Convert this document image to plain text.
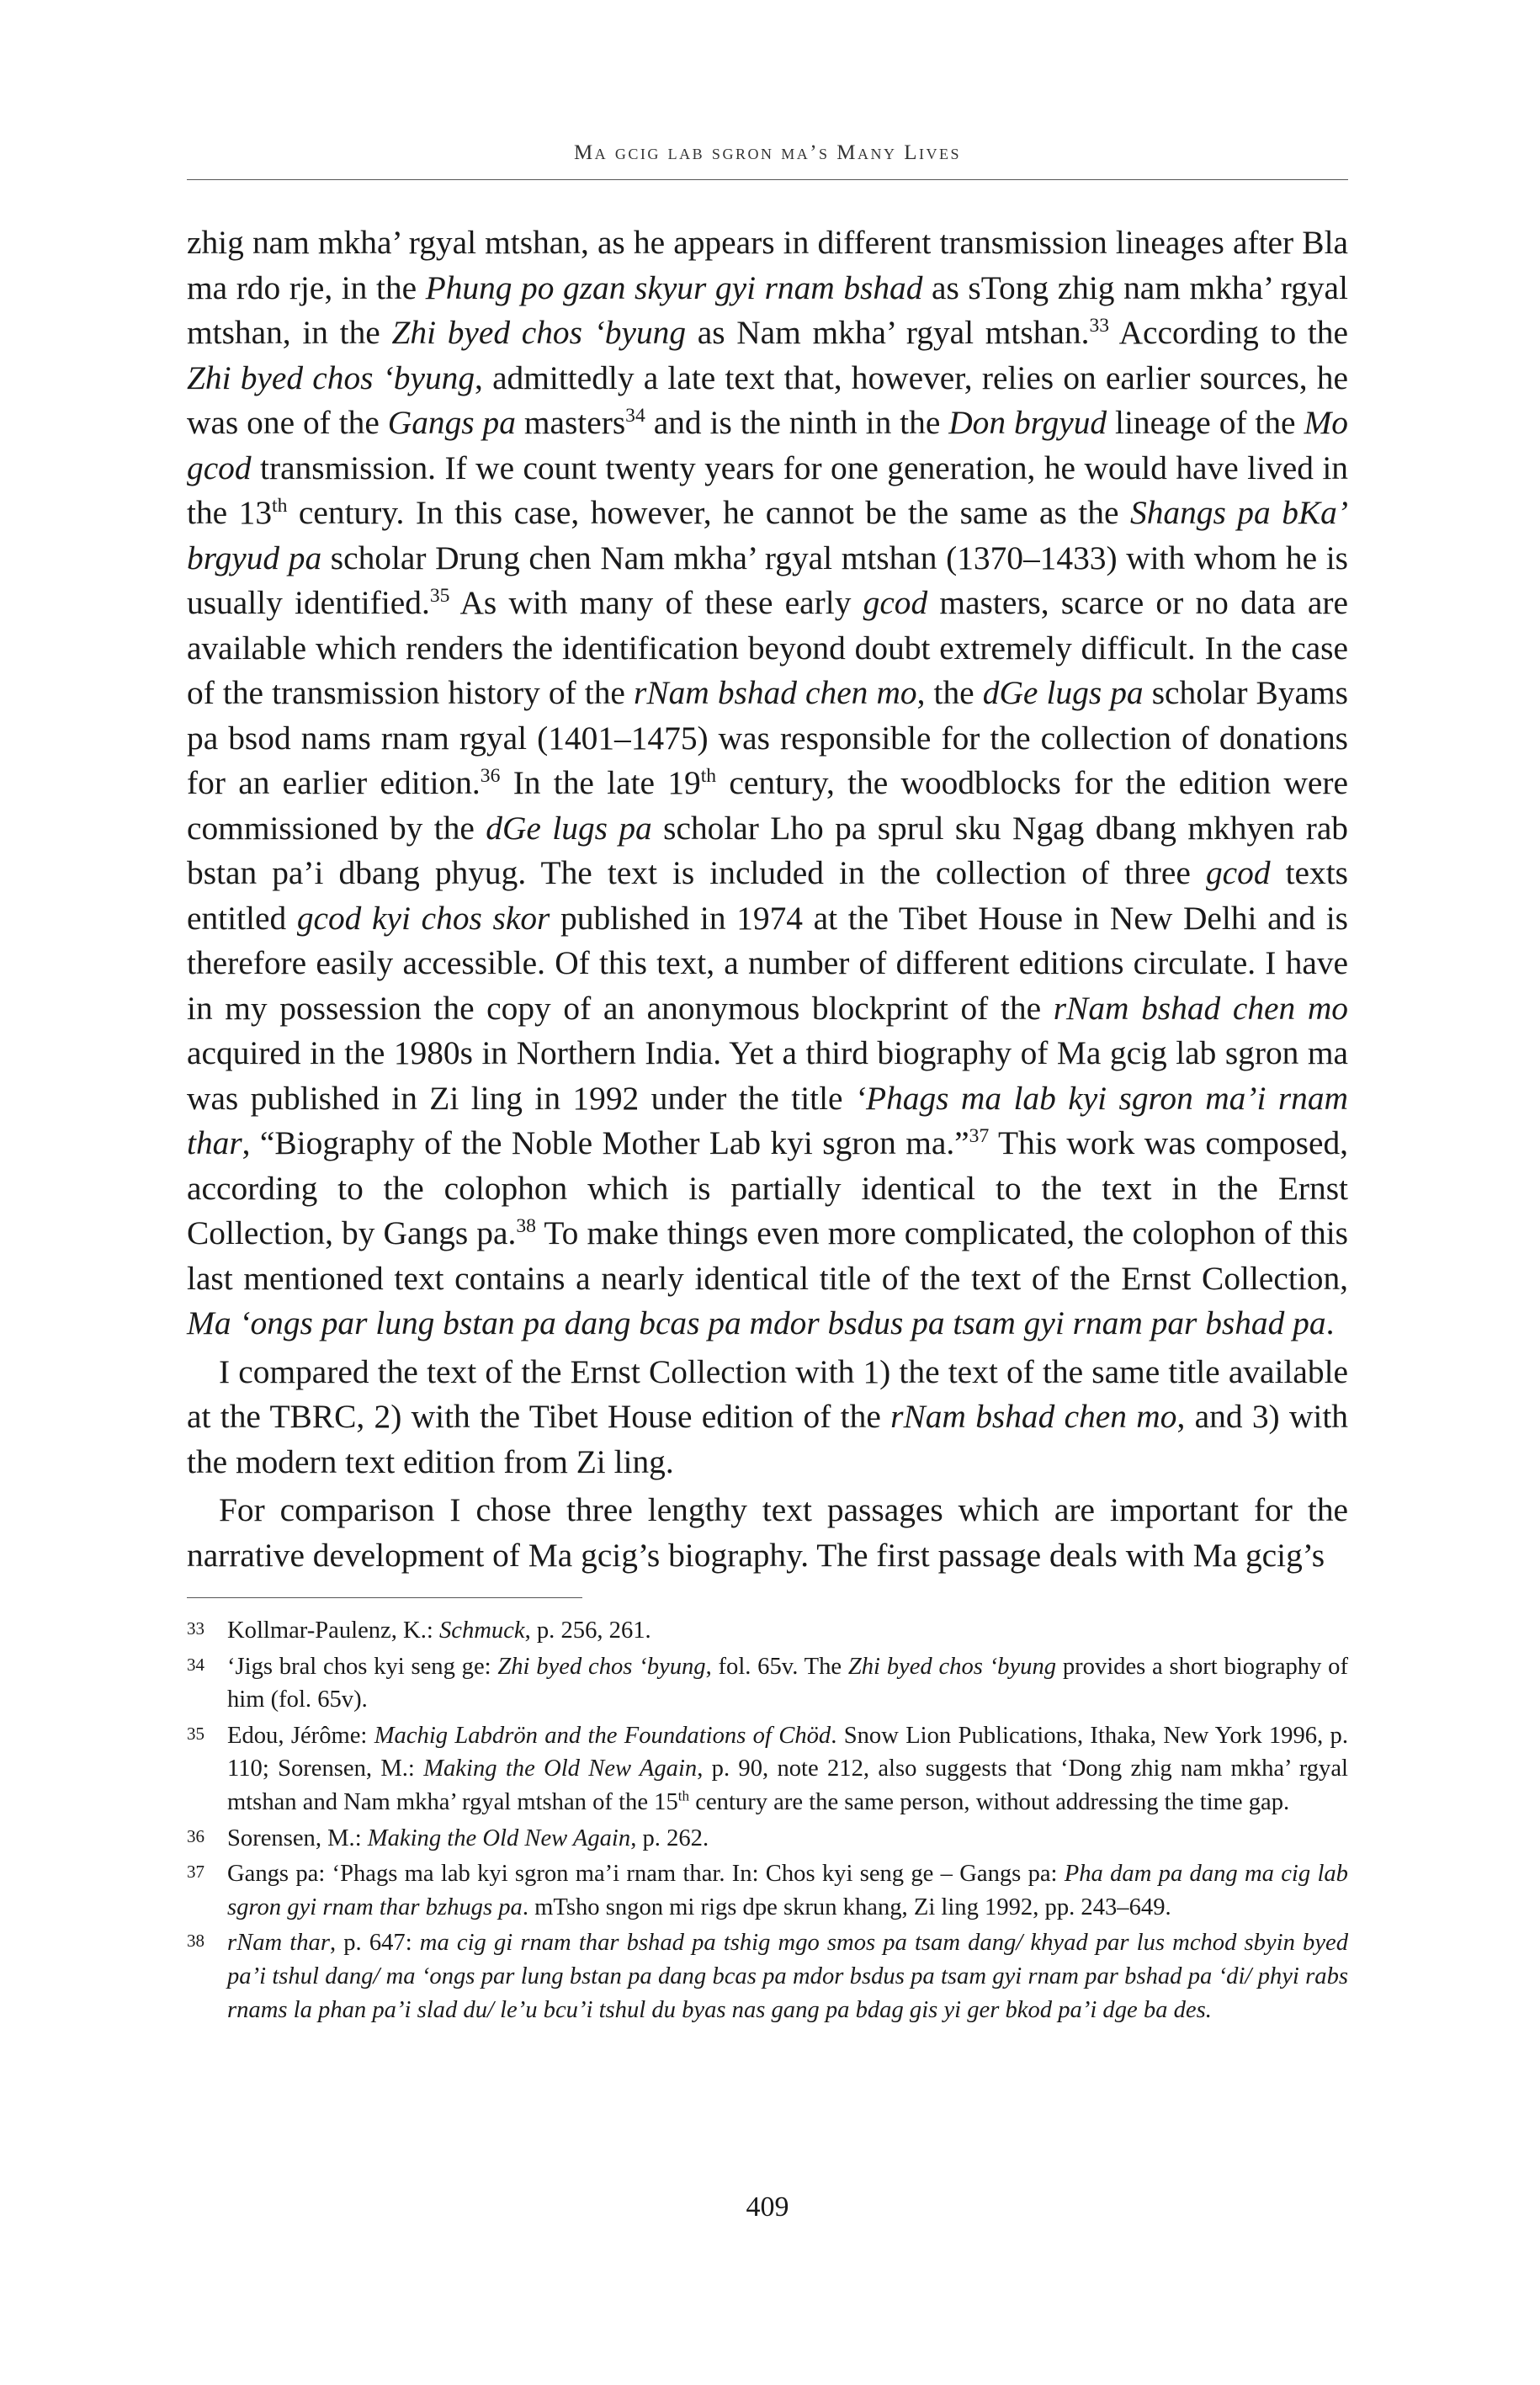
Ma gcig lab sgron ma’s Many Lives

zhig nam mkha’ rgyal mtshan, as he appears in different transmission lineages after Bla ma rdo rje, in the Phung po gzan skyur gyi rnam bshad as sTong zhig nam mkha’ rgyal mtshan, in the Zhi byed chos ‘byung as Nam mkha’ rgyal mtshan.$^{33}$ According to the Zhi byed chos ‘byung, admittedly a late text that, however, relies on earlier sources, he was one of the Gangs pa masters$^{34}$ and is the ninth in the Don brgyud lineage of the Mo gcod transmission. If we count twenty years for one generation, he would have lived in the 13th century. In this case, however, he cannot be the same as the Shangs pa bKa’ brgyud pa scholar Drung chen Nam mkha’ rgyal mtshan (1370–1433) with whom he is usually identified.$^{35}$ As with many of these early gcod masters, scarce or no data are available which renders the identification beyond doubt extremely difficult. In the case of the transmission history of the rNam bshad chen mo, the dGe lugs pa scholar Byams pa bsod nams rnam rgyal (1401–1475) was responsible for the collection of donations for an earlier edition.$^{36}$ In the late 19th century, the woodblocks for the edition were commissioned by the dGe lugs pa scholar Lho pa sprul sku Ngag dbang mkhyen rab bstan pa’i dbang phyug. The text is included in the collection of three gcod texts entitled gcod kyi chos skor published in 1974 at the Tibet House in New Delhi and is therefore easily accessible. Of this text, a number of different editions circulate. I have in my possession the copy of an anonymous blockprint of the rNam bshad chen mo acquired in the 1980s in Northern India. Yet a third biography of Ma gcig lab sgron ma was published in Zi ling in 1992 under the title ‘Phags ma lab kyi sgron ma’i rnam thar, “Biography of the Noble Mother Lab kyi sgron ma.”$^{37}$ This work was composed, according to the colophon which is partially identical to the text in the Ernst Collection, by Gangs pa.$^{38}$ To make things even more complicated, the colophon of this last mentioned text contains a nearly identical title of the text of the Ernst Collection, Ma ‘ongs par lung bstan pa dang bcas pa mdor bsdus pa tsam gyi rnam par bshad pa.

I compared the text of the Ernst Collection with 1) the text of the same title available at the TBRC, 2) with the Tibet House edition of the rNam bshad chen mo, and 3) with the modern text edition from Zi ling.

For comparison I chose three lengthy text passages which are important for the narrative development of Ma gcig’s biography. The first passage deals with Ma gcig’s

33 Kollmar-Paulenz, K.: Schmuck, p. 256, 261.
34 ‘Jigs bral chos kyi seng ge: Zhi byed chos ‘byung, fol. 65v. The Zhi byed chos ‘byung provides a short biography of him (fol. 65v).
35 Edou, Jérôme: Machig Labdrön and the Foundations of Chöd. Snow Lion Publications, Ithaka, New York 1996, p. 110; Sorensen, M.: Making the Old New Again, p. 90, note 212, also suggests that ‘Dong zhig nam mkha’ rgyal mtshan and Nam mkha’ rgyal mtshan of the 15th century are the same person, without addressing the time gap.
36 Sorensen, M.: Making the Old New Again, p. 262.
37 Gangs pa: ‘Phags ma lab kyi sgron ma’i rnam thar. In: Chos kyi seng ge – Gangs pa: Pha dam pa dang ma cig lab sgron gyi rnam thar bzhugs pa. mTsho sngon mi rigs dpe skrun khang, Zi ling 1992, pp. 243–649.
38 rNam thar, p. 647: ma cig gi rnam thar bshad pa tshig mgo smos pa tsam dang/ khyad par lus mchod sbyin byed pa’i tshul dang/ ma ‘ongs par lung bstan pa dang bcas pa mdor bsdus pa tsam gyi rnam par bshad pa ‘di/ phyi rabs rnams la phan pa’i slad du/ le’u bcu’i tshul du byas nas gang pa bdag gis yi ger bkod pa’i dge ba des.
409
